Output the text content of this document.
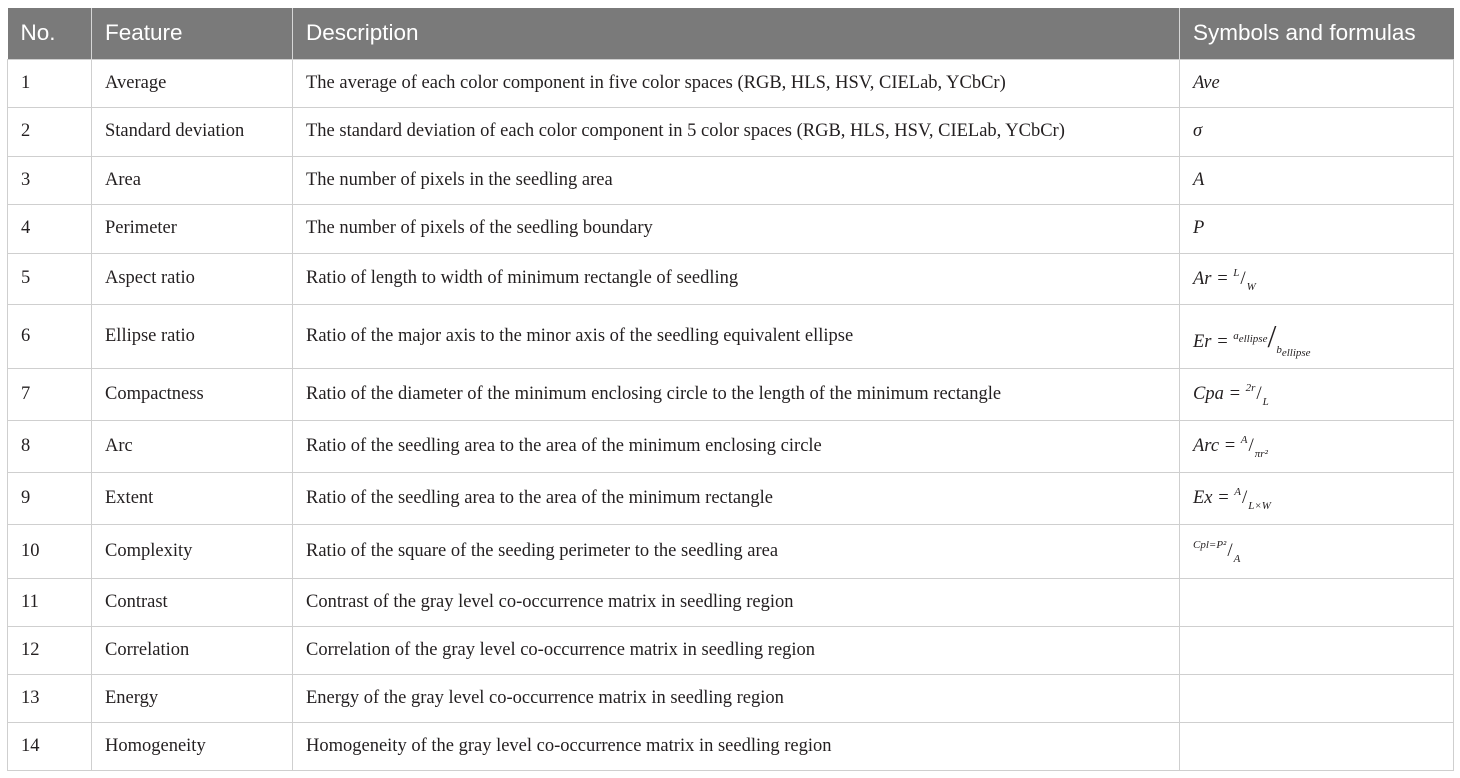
No.	Feature	Description	Symbols and formulas
1	Average	The average of each color component in five color spaces (RGB, HLS, HSV, CIELab, YCbCr)	Ave
2	Standard deviation	The standard deviation of each color component in 5 color spaces (RGB, HLS, HSV, CIELab, YCbCr)	σ
3	Area	The number of pixels in the seedling area	A
4	Perimeter	The number of pixels of the seedling boundary	P
5	Aspect ratio	Ratio of length to width of minimum rectangle of seedling	$Ar = ^L/_W$
6	Ellipse ratio	Ratio of the major axis to the minor axis of the seedling equivalent ellipse	$Er = ^{a_{ellipse}}/_{b_{ellipse}}$
7	Compactness	Ratio of the diameter of the minimum enclosing circle to the length of the minimum rectangle	Cpa = $^{2r}/_L$
8	Arc	Ratio of the seedling area to the area of the minimum enclosing circle	Arc = $^A/_{\pi r^2}$
9	Extent	Ratio of the seedling area to the area of the minimum rectangle	$Ex = ^A/_{L\times W}$
10	Complexity	Ratio of the square of the seeding perimeter to the seedling area	$^{Cpl=P^2}/_A$
11	Contrast	Contrast of the gray level co-occurrence matrix in seedling region	
12	Correlation	Correlation of the gray level co-occurrence matrix in seedling region	
13	Energy	Energy of the gray level co-occurrence matrix in seedling region	
14	Homogeneity	Homogeneity of the gray level co-occurrence matrix in seedling region	
